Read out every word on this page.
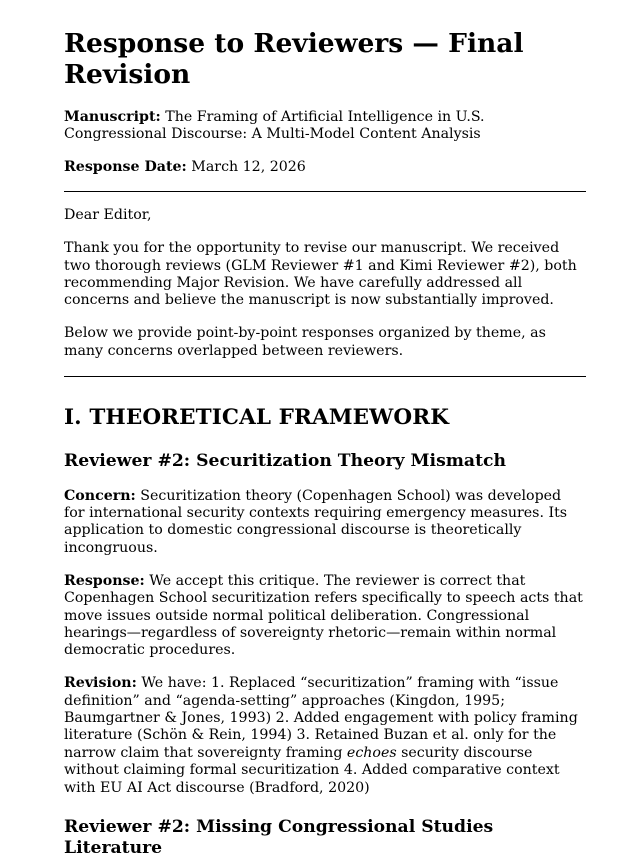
Response to Reviewers — Final Revision

Manuscript: The Framing of Artificial Intelligence in U.S. Congressional Discourse: A Multi-Model Content Analysis

Response Date: March 12, 2026

Dear Editor,

Thank you for the opportunity to revise our manuscript. We received two thorough reviews (GLM Reviewer #1 and Kimi Reviewer #2), both recommending Major Revision. We have carefully addressed all concerns and believe the manuscript is now substantially improved.

Below we provide point-by-point responses organized by theme, as many concerns overlapped between reviewers.

I. THEORETICAL FRAMEWORK
Reviewer #2: Securitization Theory Mismatch

Concern: Securitization theory (Copenhagen School) was developed for international security contexts requiring emergency measures. Its application to domestic congressional discourse is theoretically incongruous.

Response: We accept this critique. The reviewer is correct that Copenhagen School securitization refers specifically to speech acts that move issues outside normal political deliberation. Congressional hearings—regardless of sovereignty rhetoric—remain within normal democratic procedures.

Revision: We have: 1. Replaced “securitization” framing with “issue definition” and “agenda-setting” approaches (Kingdon, 1995; Baumgartner & Jones, 1993) 2. Added engagement with policy framing literature (Schön & Rein, 1994) 3. Retained Buzan et al. only for the narrow claim that sovereignty framing echoes security discourse without claiming formal securitization 4. Added comparative context with EU AI Act discourse (Bradford, 2020)

Reviewer #2: Missing Congressional Studies Literature
